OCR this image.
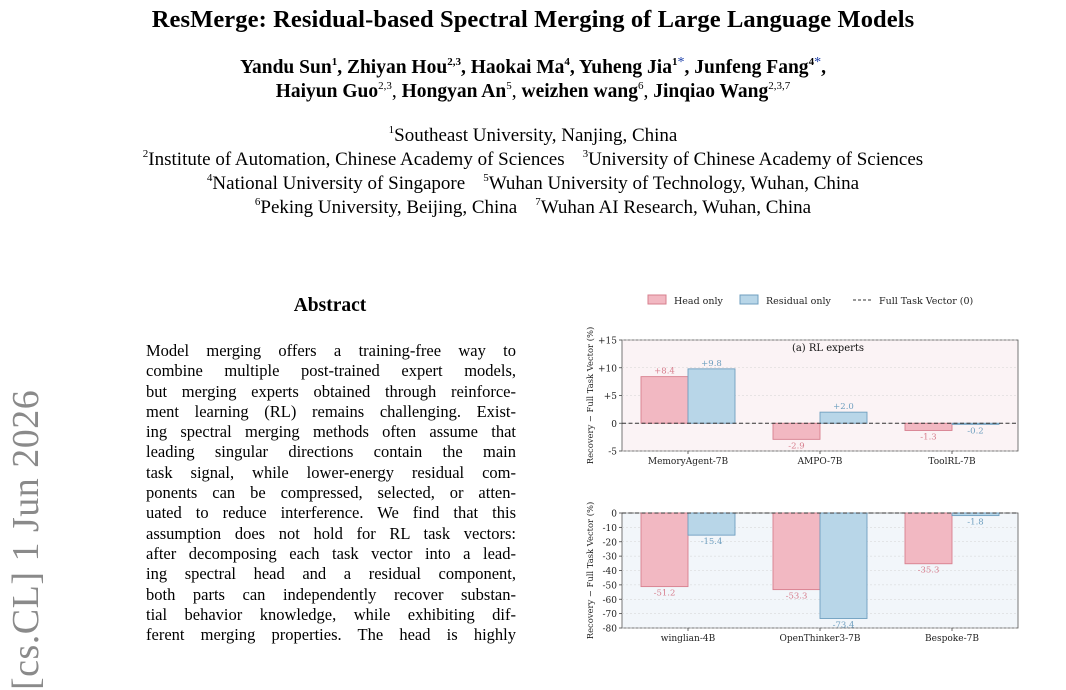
ResMerge: Residual-based Spectral Merging of Large Language Models
Yandu Sun$^1$, Zhiyan Hou$^{2,3}$, Haokai Ma$^4$, Yuheng Jia$^{1*}$, Junfeng Fang$^{4*}$,
Haiyun Guo$^{2,3}$, Hongyan An$^5$, weizhen wang$^6$, Jinqiao Wang$^{2,3,7}$
$^1$Southeast University, Nanjing, China
$^2$Institute of Automation, Chinese Academy of Sciences $^3$University of Chinese Academy of Sciences
$^4$National University of Singapore $^5$Wuhan University of Technology, Wuhan, China
$^6$Peking University, Beijing, China $^7$Wuhan AI Research, Wuhan, China
[cs.CL] 1 Jun 2026
Abstract
Model merging offers a training-free way to
combine multiple post-trained expert models,
but merging experts obtained through reinforce-
ment learning (RL) remains challenging. Exist-
ing spectral merging methods often assume that
leading singular directions contain the main
task signal, while lower-energy residual com-
ponents can be compressed, selected, or atten-
uated to reduce interference. We find that this
assumption does not hold for RL task vectors:
after decomposing each task vector into a lead-
ing spectral head and a residual component,
both parts can independently recover substan-
tial behavior knowledge, while exhibiting dif-
ferent merging properties. The head is highly
Head only	Residual only	Full Task Vector (0)
-5
0
+5
+10
+15
(a) RL experts
Recovery − Full Task Vector (%)	MemoryAgent-7B
+8.4
+9.8
AMPO-7B
-2.9
+2.0
ToolRL-7B
-1.3
-0.2
-80
-70
-60
-50
-40
-30
-20
-10
0
Recovery − Full Task Vector (%)	winglian-4B
-51.2
-15.4
OpenThinker3-7B
-53.3
-73.4
Bespoke-7B
-35.3
-1.8
